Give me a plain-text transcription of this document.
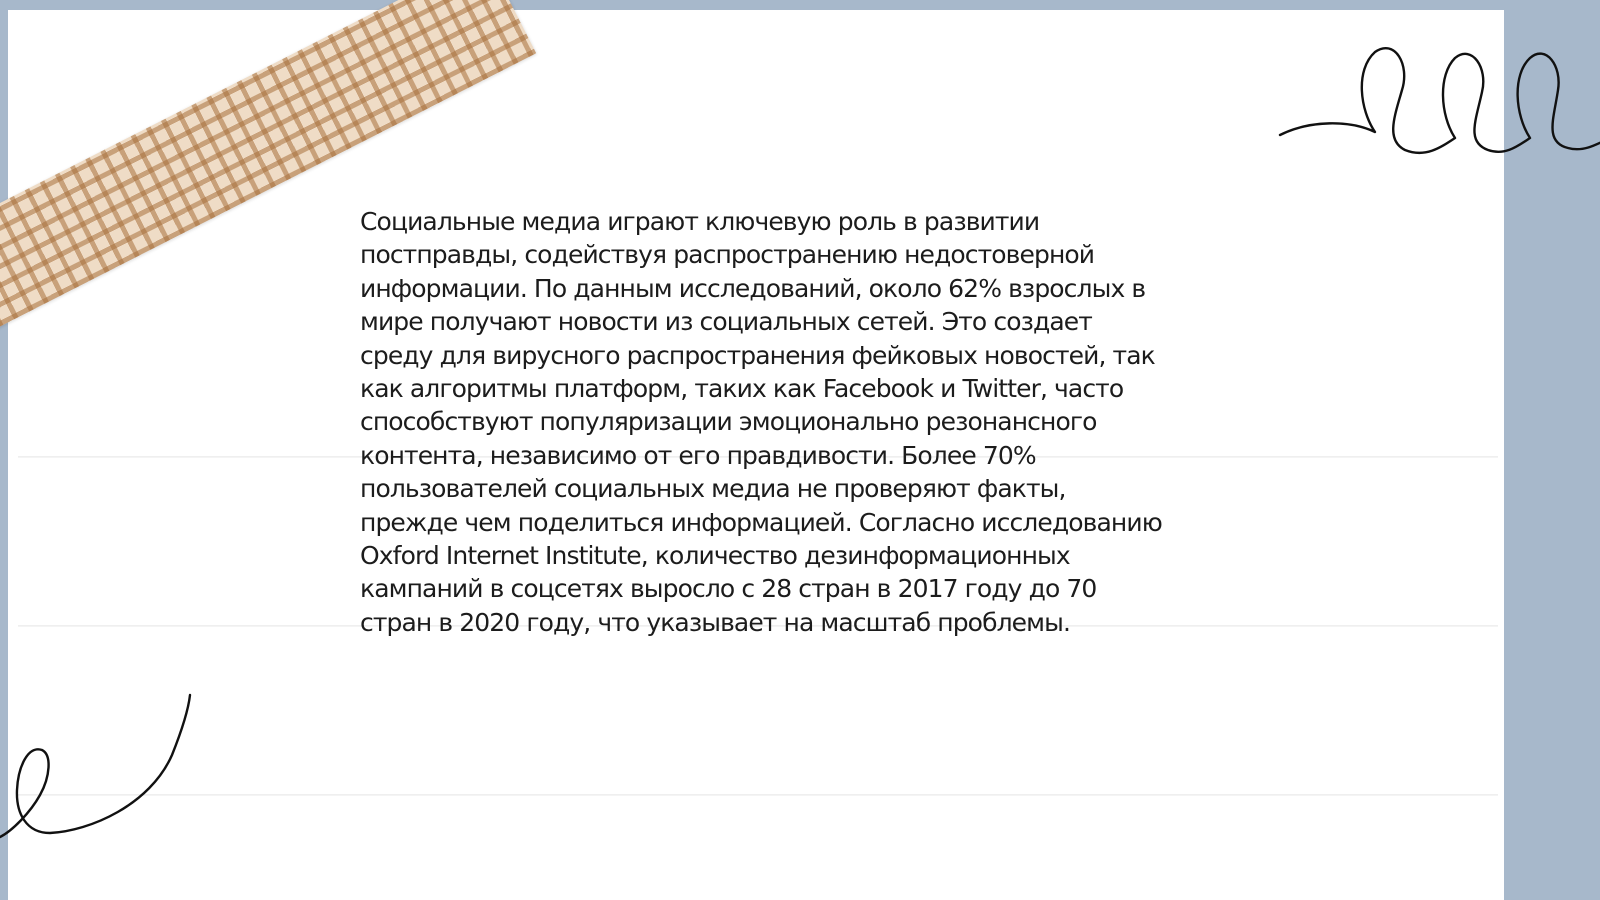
Социальные медиа играют ключевую роль в развитии
постправды, содействуя распространению недостоверной
информации. По данным исследований, около 62% взрослых в
мире получают новости из социальных сетей. Это создает
среду для вирусного распространения фейковых новостей, так
как алгоритмы платформ, таких как Facebook и Twitter, часто
способствуют популяризации эмоционально резонансного
контента, независимо от его правдивости. Более 70%
пользователей социальных медиа не проверяют факты,
прежде чем поделиться информацией. Согласно исследованию
Oxford Internet Institute, количество дезинформационных
кампаний в соцсетях выросло с 28 стран в 2017 году до 70
стран в 2020 году, что указывает на масштаб проблемы.
